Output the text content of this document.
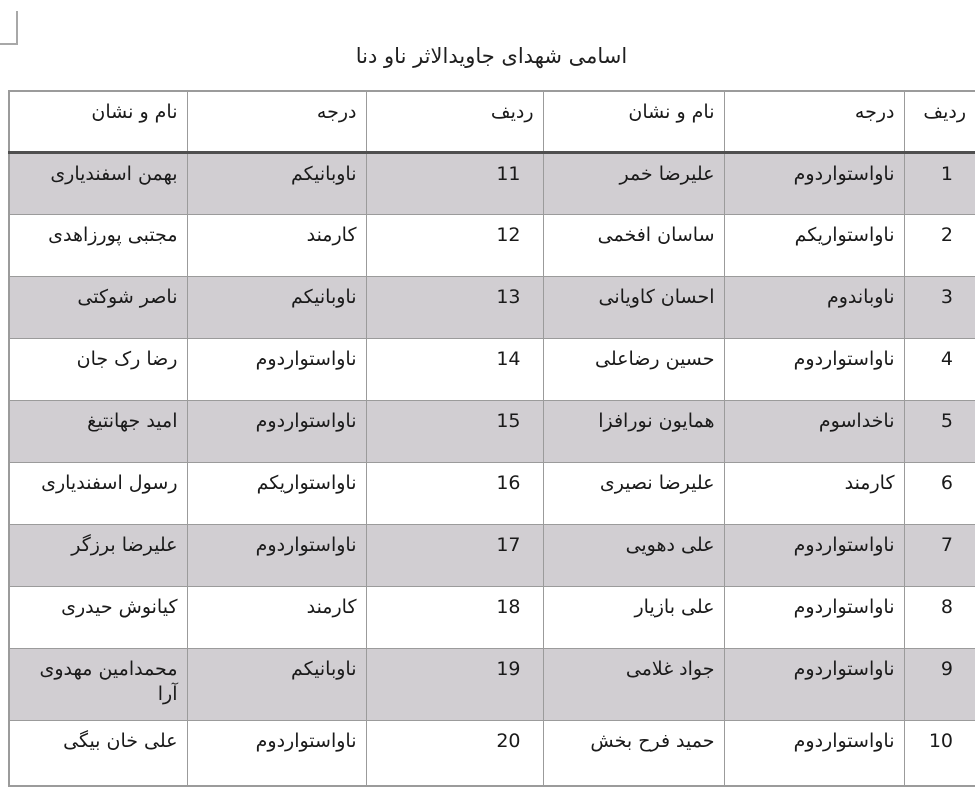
اسامی شهدای جاویدالاثر ناو دنا
ردیف	درجه	نام و نشان	ردیف	درجه	نام و نشان
1	ناواستواردوم	علیرضا خمر	11	ناوبانیکم	بهمن اسفندیاری
2	ناواستواریکم	ساسان افخمی	12	کارمند	مجتبی پورزاهدی
3	ناوباندوم	احسان کاویانی	13	ناوبانیکم	ناصر شوکتی
4	ناواستواردوم	حسین رضاعلی	14	ناواستواردوم	رضا رک جان
5	ناخداسوم	همایون نورافزا	15	ناواستواردوم	امید جهانتیغ
6	کارمند	علیرضا نصیری	16	ناواستواریکم	رسول اسفندیاری
7	ناواستواردوم	علی دهویی	17	ناواستواردوم	علیرضا برزگر
8	ناواستواردوم	علی بازیار	18	کارمند	کیانوش حیدری
9	ناواستواردوم	جواد غلامی	19	ناوبانیکم	محمدامین مهدوی آرا
10	ناواستواردوم	حمید فرح بخش	20	ناواستواردوم	علی خان بیگی
